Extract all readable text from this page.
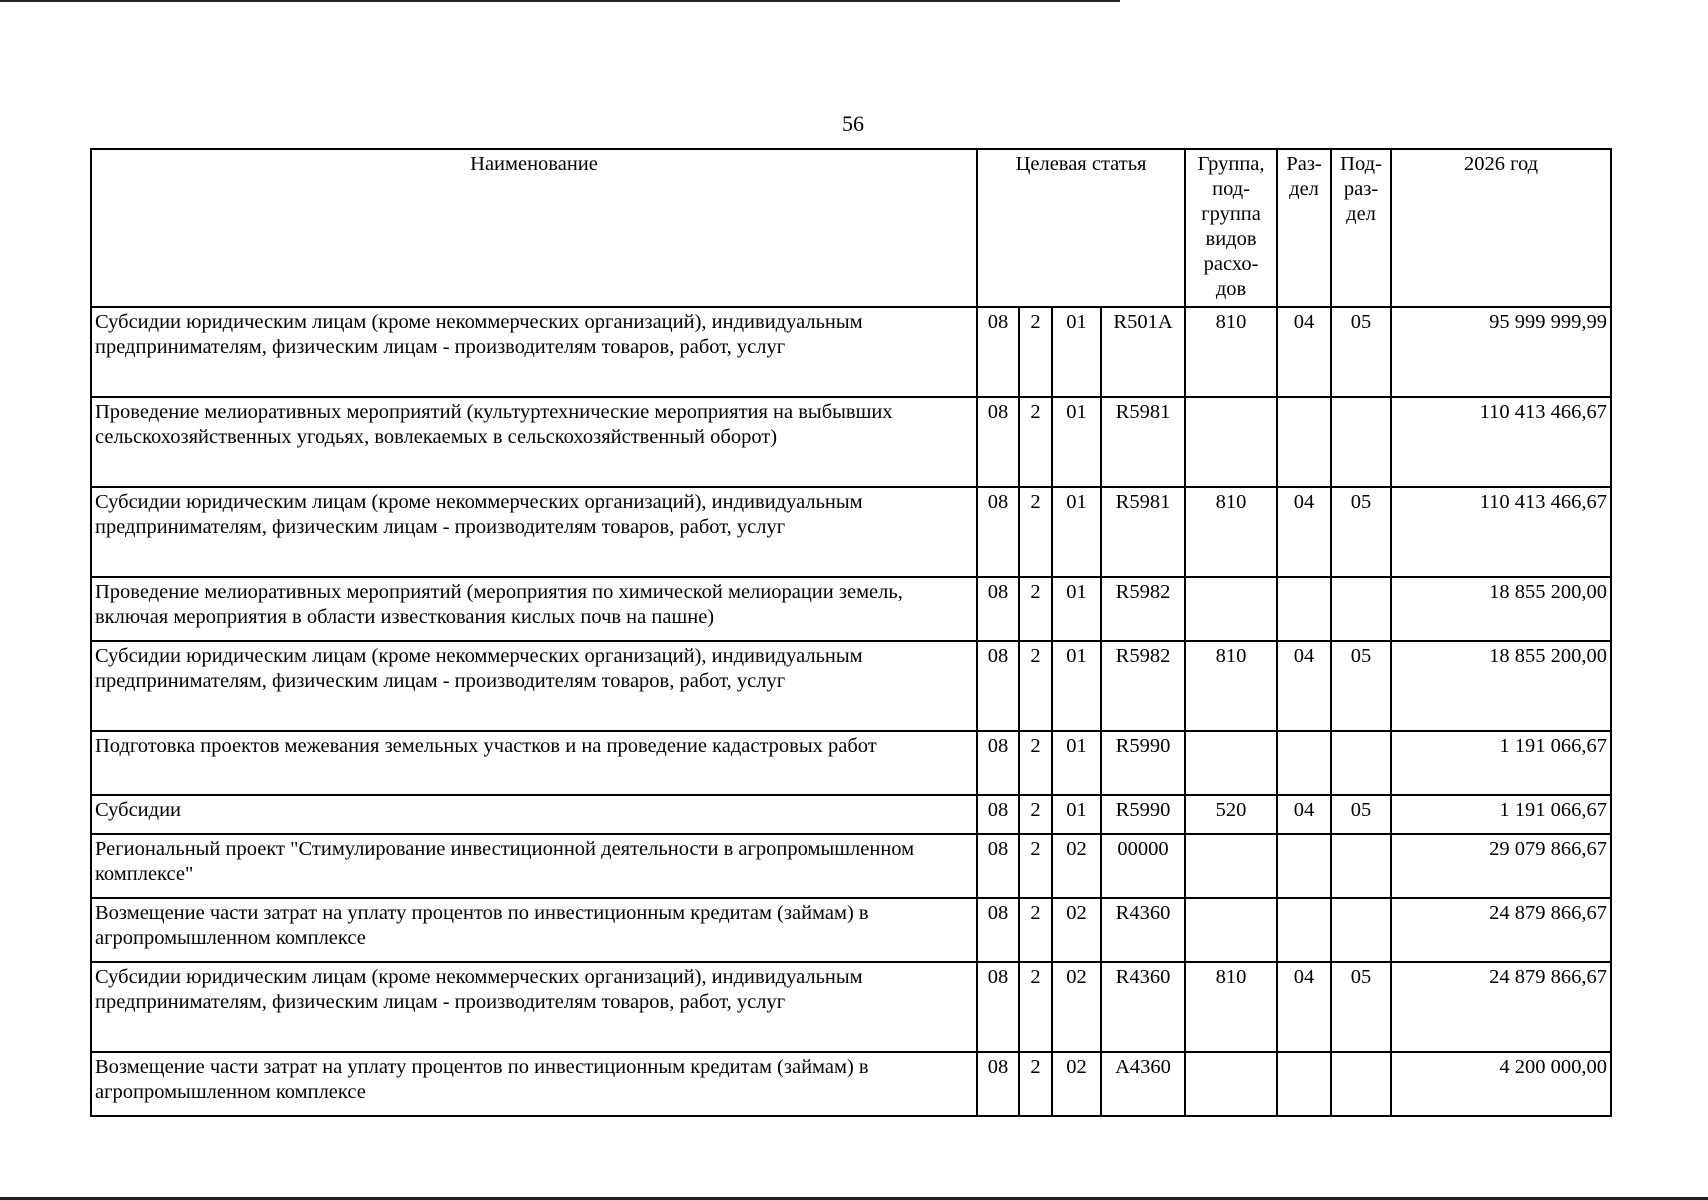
56
Наименование	Целевая статья				Группа, под-группа видов расхо-дов	Раз-дел	Под-раз-дел	2026 год
Субсидии юридическим лицам (кроме некоммерческих организаций), индивидуальным предпринимателям, физическим лицам - производителям товаров, работ, услуг	08	2	01	R501A	810	04	05	95 999 999,99
Проведение мелиоративных мероприятий (культуртехнические мероприятия на выбывших сельскохозяйственных угодьях, вовлекаемых в сельскохозяйственный оборот)	08	2	01	R5981				110 413 466,67
Субсидии юридическим лицам (кроме некоммерческих организаций), индивидуальным предпринимателям, физическим лицам - производителям товаров, работ, услуг	08	2	01	R5981	810	04	05	110 413 466,67
Проведение мелиоративных мероприятий (мероприятия по химической мелиорации земель, включая мероприятия в области известкования кислых почв на пашне)	08	2	01	R5982				18 855 200,00
Субсидии юридическим лицам (кроме некоммерческих организаций), индивидуальным предпринимателям, физическим лицам - производителям товаров, работ, услуг	08	2	01	R5982	810	04	05	18 855 200,00
Подготовка проектов межевания земельных участков и на проведение кадастровых работ	08	2	01	R5990				1 191 066,67
Субсидии	08	2	01	R5990	520	04	05	1 191 066,67
Региональный проект "Стимулирование инвестиционной деятельности в агропромышленном комплексе"	08	2	02	00000				29 079 866,67
Возмещение части затрат на уплату процентов по инвестиционным кредитам (займам) в агропромышленном комплексе	08	2	02	R4360				24 879 866,67
Субсидии юридическим лицам (кроме некоммерческих организаций), индивидуальным предпринимателям, физическим лицам - производителям товаров, работ, услуг	08	2	02	R4360	810	04	05	24 879 866,67
Возмещение части затрат на уплату процентов по инвестиционным кредитам (займам) в агропромышленном комплексе	08	2	02	A4360				4 200 000,00
